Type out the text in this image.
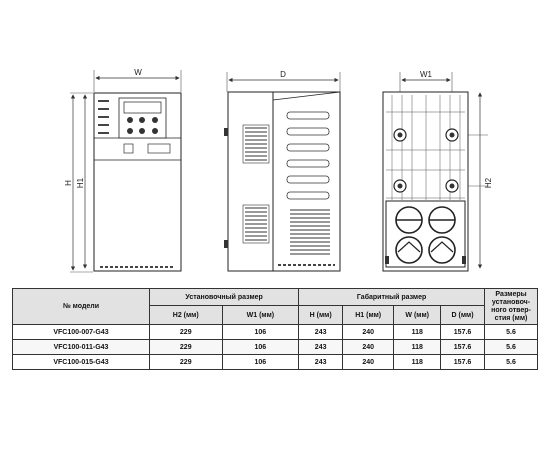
W
H H1
D	W1
H2
№ модели	Установочный размер		Габаритный размер				Размеры установоч-ного отвер-стия (мм)
	H2 (мм)	W1 (мм)	H (мм)	H1 (мм)	W (мм)	D (мм)	
VFC100-007-G43	229	106	243	240	118	157.6	5.6
VFC100-011-G43	229	106	243	240	118	157.6	5.6
VFC100-015-G43	229	106	243	240	118	157.6	5.6
